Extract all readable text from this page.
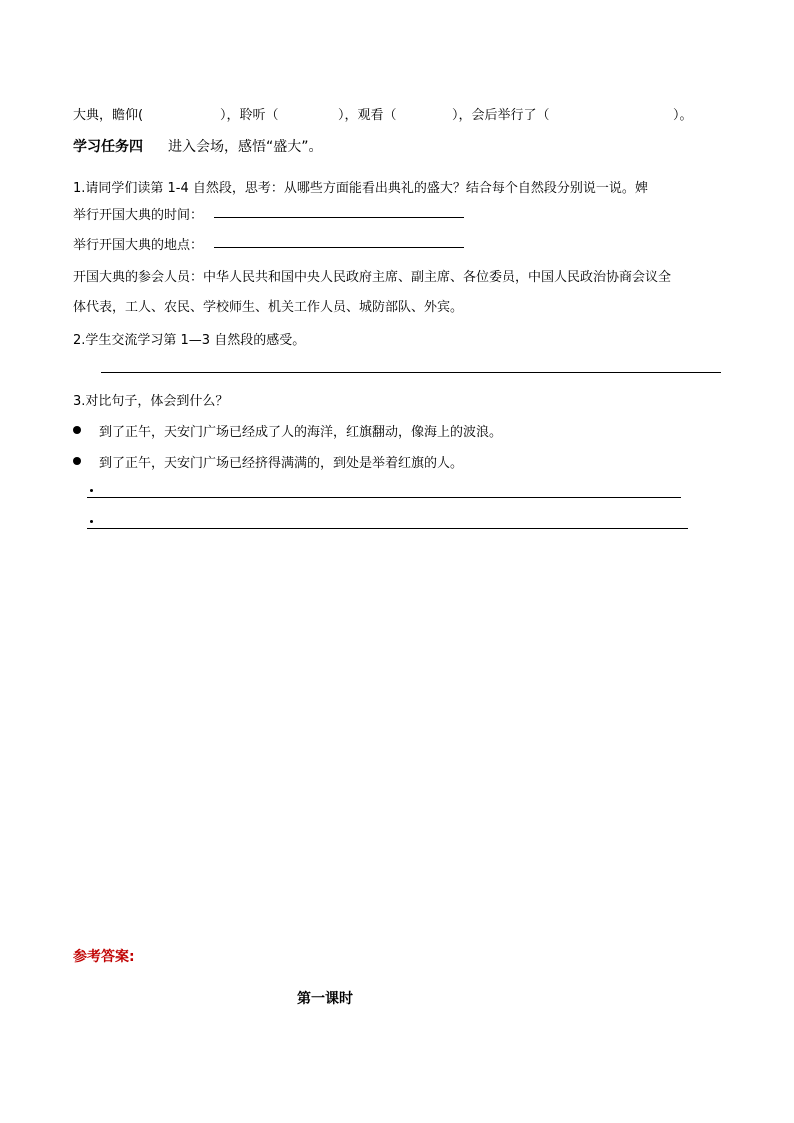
大典，瞻仰(	），聆听（	），观看（	），会后举行了（	）。
学习任务四 进入会场，感悟“盛大”。
1.请同学们读第 1-4 自然段，思考：从哪些方面能看出典礼的盛大？结合每个自然段分别说一说。婢
举行开国大典的时间：
举行开国大典的地点：
开国大典的参会人员：中华人民共和国中央人民政府主席、副主席、各位委员，中国人民政治协商会议全
体代表，工人、农民、学校师生、机关工作人员、城防部队、外宾。
2.学生交流学习第 1—3 自然段的感受。
3.对比句子，体会到什么？
到了正午，天安门广场已经成了人的海洋，红旗翻动，像海上的波浪。
到了正午，天安门广场已经挤得满满的，到处是举着红旗的人。
参考答案:
第一课时
